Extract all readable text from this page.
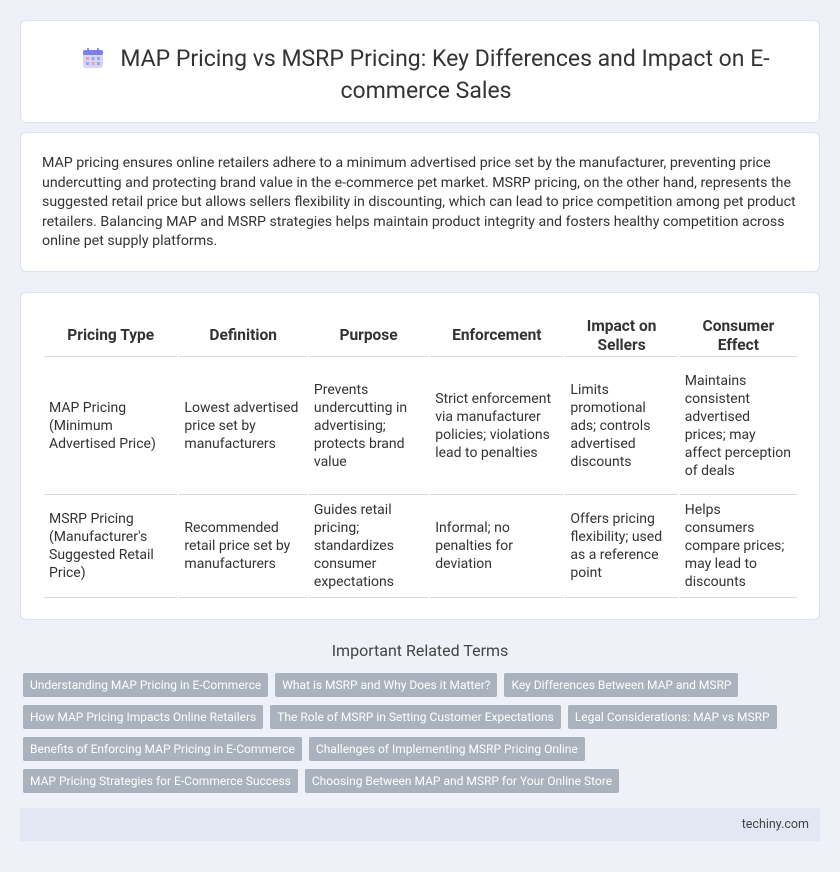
MAP Pricing vs MSRP Pricing: Key Differences and Impact on E-commerce Sales

MAP pricing ensures online retailers adhere to a minimum advertised price set by the manufacturer, preventing price undercutting and protecting brand value in the e-commerce pet market. MSRP pricing, on the other hand, represents the suggested retail price but allows sellers flexibility in discounting, which can lead to price competition among pet product retailers. Balancing MAP and MSRP strategies helps maintain product integrity and fosters healthy competition across online pet supply platforms.

Pricing Type	Definition	Purpose	Enforcement	Impact on Sellers	Consumer Effect
MAP Pricing (Minimum Advertised Price)	Lowest advertised price set by manufacturers	Prevents undercutting in advertising; protects brand value	Strict enforcement via manufacturer policies; violations lead to penalties	Limits promotional ads; controls advertised discounts	Maintains consistent advertised prices; may affect perception of deals
MSRP Pricing (Manufacturer's Suggested Retail Price)	Recommended retail price set by manufacturers	Guides retail pricing; standardizes consumer expectations	Informal; no penalties for deviation	Offers pricing flexibility; used as a reference point	Helps consumers compare prices; may lead to discounts
Important Related Terms
Understanding MAP Pricing in E-Commerce	What is MSRP and Why Does it Matter?	Key Differences Between MAP and MSRP
How MAP Pricing Impacts Online Retailers	The Role of MSRP in Setting Customer Expectations	Legal Considerations: MAP vs MSRP
Benefits of Enforcing MAP Pricing in E-Commerce	Challenges of Implementing MSRP Pricing Online
MAP Pricing Strategies for E-Commerce Success	Choosing Between MAP and MSRP for Your Online Store
techiny.com
